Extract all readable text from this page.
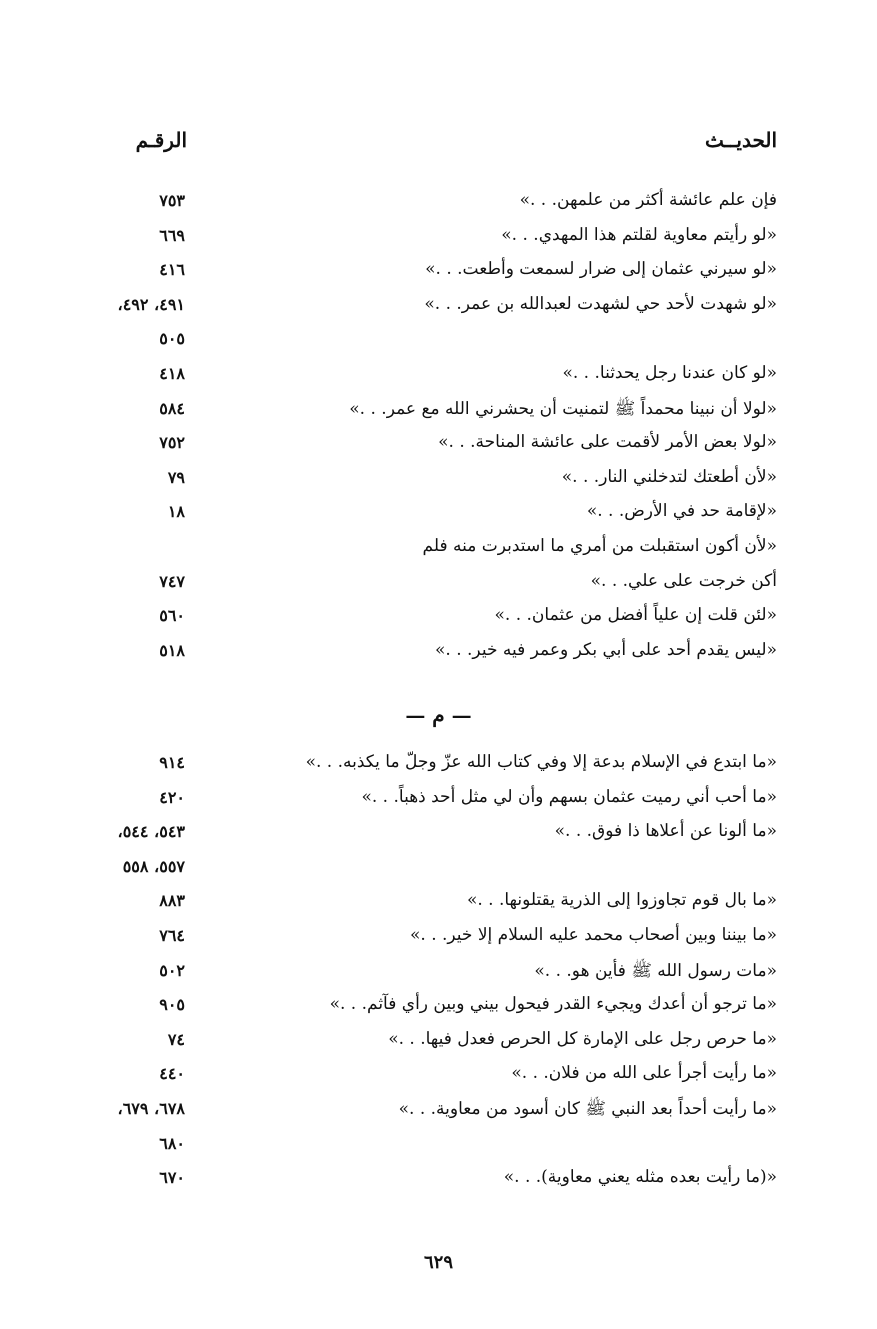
الحديــث
الرقـم
فإن علم عائشة أكثر من علمهن. . .»
٧٥٣
«لو رأيتم معاوية لقلتم هذا المهدي. . .»
٦٦٩
«لو سيرني عثمان إلى ضرار لسمعت وأطعت. . .»
٤١٦
«لو شهدت لأحد حي لشهدت لعبدالله بن عمر. . .»
٤٩١، ٤٩٢،
٥٠٥
«لو كان عندنا رجل يحدثنا. . .»
٤١٨
«لولا أن نبينا محمداً ﷺ لتمنيت أن يحشرني الله مع عمر. . .»
٥٨٤
«لولا بعض الأمر لأقمت على عائشة المناحة. . .»
٧٥٢
«لأن أطعتك لتدخلني النار. . .»
٧٩
«لإقامة حد في الأرض. . .»
١٨
«لأن أكون استقبلت من أمري ما استدبرت منه فلم
أكن خرجت على علي. . .»
٧٤٧
«لئن قلت إن علياً أفضل من عثمان. . .»
٥٦٠
«ليس يقدم أحد على أبي بكر وعمر فيه خير. . .»
٥١٨
«ما ابتدع في الإسلام بدعة إلا وفي كتاب الله عزّ وجلّ ما يكذبه. . .»
٩١٤
«ما أحب أني رميت عثمان بسهم وأن لي مثل أحد ذهباً. . .»
٤٢٠
«ما ألونا عن أعلاها ذا فوق. . .»
٥٤٣، ٥٤٤،
٥٥٧، ٥٥٨
«ما بال قوم تجاوزوا إلى الذرية يقتلونها. . .»
٨٨٣
«ما بيننا وبين أصحاب محمد عليه السلام إلا خير. . .»
٧٦٤
«مات رسول الله ﷺ فأين هو. . .»
٥٠٢
«ما ترجو أن أعدك ويجيء القدر فيحول بيني وبين رأي فآثم. . .»
٩٠٥
«ما حرص رجل على الإمارة كل الحرص فعدل فيها. . .»
٧٤
«ما رأيت أجرأ على الله من فلان. . .»
٤٤٠
«ما رأيت أحداً بعد النبي ﷺ كان أسود من معاوية. . .»
٦٧٨، ٦٧٩،
٦٨٠
«(ما رأيت بعده مثله يعني معاوية). . .»
٦٧٠
— م —
٦٢٩
